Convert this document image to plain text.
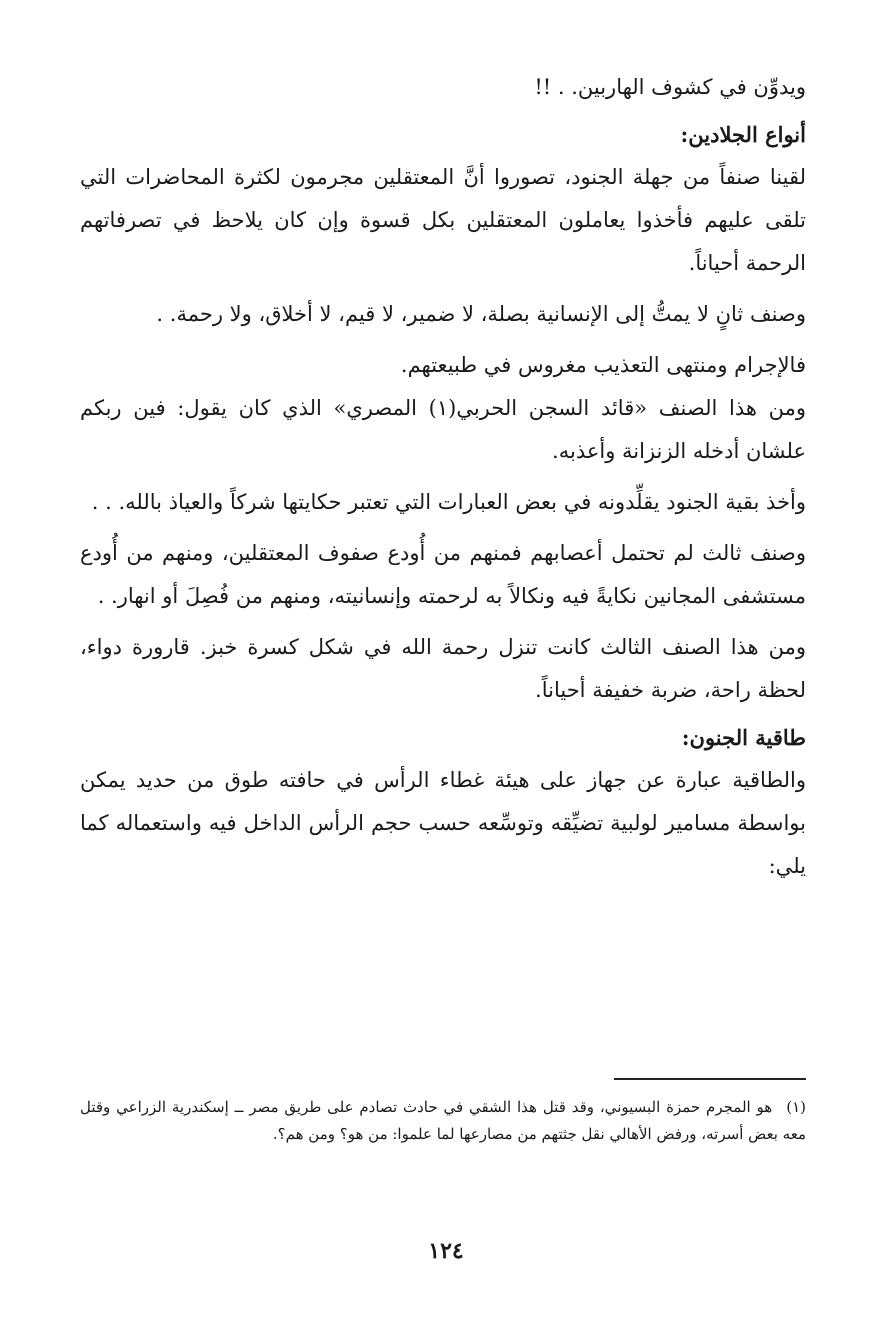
ويدوِّن في كشوف الهاربين. . !!

أنواع الجلادين:

لقينا صنفاً من جهلة الجنود، تصوروا أنَّ المعتقلين مجرمون لكثرة المحاضرات التي تلقى عليهم فأخذوا يعاملون المعتقلين بكل قسوة وإن كان يلاحظ في تصرفاتهم الرحمة أحياناً.

وصنف ثانٍ لا يمتُّ إلى الإنسانية بصلة، لا ضمير، لا قيم، لا أخلاق، ولا رحمة. .

فالإجرام ومنتهى التعذيب مغروس في طبيعتهم.

ومن هذا الصنف «قائد السجن الحربي(١) المصري» الذي كان يقول: فين ربكم علشان أدخله الزنزانة وأعذبه.

وأخذ بقية الجنود يقلِّدونه في بعض العبارات التي تعتبر حكايتها شركاً والعياذ بالله. . .

وصنف ثالث لم تحتمل أعصابهم فمنهم من أُودع صفوف المعتقلين، ومنهم من أُودع مستشفى المجانين نكايةً فيه ونكالاً به لرحمته وإنسانيته، ومنهم من فُصِلَ أو انهار. .

ومن هذا الصنف الثالث كانت تنزل رحمة الله في شكل كسرة خبز. قارورة دواء، لحظة راحة، ضربة خفيفة أحياناً.

طاقية الجنون:

والطاقية عبارة عن جهاز على هيئة غطاء الرأس في حافته طوق من حديد يمكن بواسطة مسامير لولبية تضيِّقه وتوسِّعه حسب حجم الرأس الداخل فيه واستعماله كما يلي:

(١)هو المجرم حمزة البسيوني، وقد قتل هذا الشقي في حادث تصادم على طريق مصر ــ إسكندرية الزراعي وقتل معه بعض أسرته، ورفض الأهالي نقل جثتهم من مصارعها لما علموا: من هو؟ ومن هم؟.

١٢٤
